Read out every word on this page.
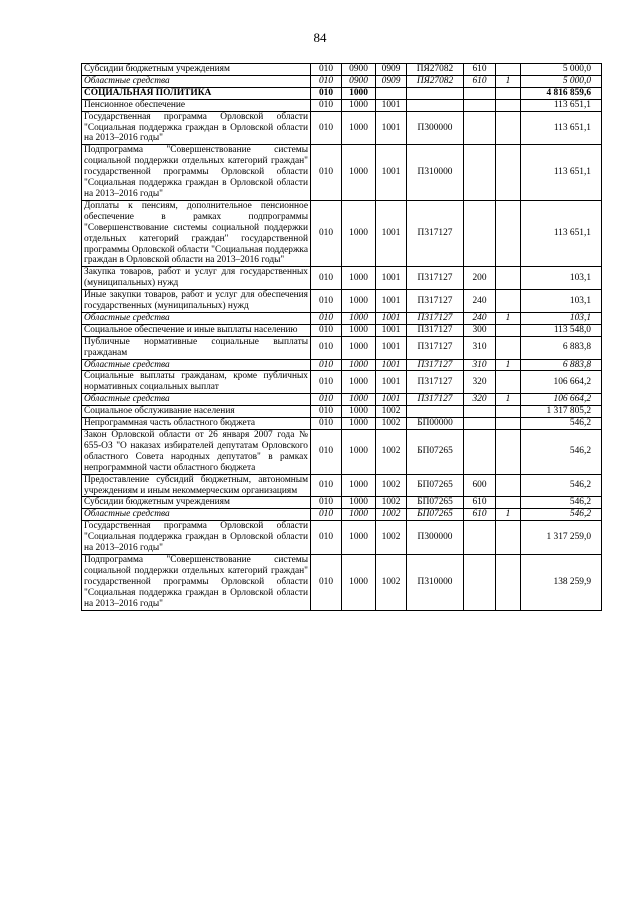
84
Субсидии бюджетным учреждениям	010	0900	0909	ПЯ27082	610		5 000,0
Областные средства	010	0900	0909	ПЯ27082	610	1	5 000,0
СОЦИАЛЬНАЯ ПОЛИТИКА	010	1000					4 816 859,6
Пенсионное обеспечение	010	1000	1001				113 651,1
Государственная программа Орловской области "Социальная поддержка граждан в Орловской области на 2013–2016 годы"	010	1000	1001	П300000			113 651,1
Подпрограмма "Совершенствование системы социальной поддержки отдельных категорий граждан" государственной программы Орловской области "Социальная поддержка граждан в Орловской области на 2013–2016 годы"	010	1000	1001	П310000			113 651,1
Доплаты к пенсиям, дополнительное пенсионное обеспечение в рамках подпрограммы "Совершенствование системы социальной поддержки отдельных категорий граждан" государственной программы Орловской области "Социальная поддержка граждан в Орловской области на 2013–2016 годы"	010	1000	1001	П317127			113 651,1
Закупка товаров, работ и услуг для государственных (муниципальных) нужд	010	1000	1001	П317127	200		103,1
Иные закупки товаров, работ и услуг для обеспечения государственных (муниципальных) нужд	010	1000	1001	П317127	240		103,1
Областные средства	010	1000	1001	П317127	240	1	103,1
Социальное обеспечение и иные выплаты населению	010	1000	1001	П317127	300		113 548,0
Публичные нормативные социальные выплаты гражданам	010	1000	1001	П317127	310		6 883,8
Областные средства	010	1000	1001	П317127	310	1	6 883,8
Социальные выплаты гражданам, кроме публичных нормативных социальных выплат	010	1000	1001	П317127	320		106 664,2
Областные средства	010	1000	1001	П317127	320	1	106 664,2
Социальное обслуживание населения	010	1000	1002				1 317 805,2
Непрограммная часть областного бюджета	010	1000	1002	БП00000			546,2
Закон Орловской области от 26 января 2007 года № 655-ОЗ "О наказах избирателей депутатам Орловского областного Совета народных депутатов" в рамках непрограммной части областного бюджета	010	1000	1002	БП07265			546,2
Предоставление субсидий бюджетным, автономным учреждениям и иным некоммерческим организациям	010	1000	1002	БП07265	600		546,2
Субсидии бюджетным учреждениям	010	1000	1002	БП07265	610		546,2
Областные средства	010	1000	1002	БП07265	610	1	546,2
Государственная программа Орловской области "Социальная поддержка граждан в Орловской области на 2013–2016 годы"	010	1000	1002	П300000			1 317 259,0
Подпрограмма "Совершенствование системы социальной поддержки отдельных категорий граждан" государственной программы Орловской области "Социальная поддержка граждан в Орловской области на 2013–2016 годы"	010	1000	1002	П310000			138 259,9
